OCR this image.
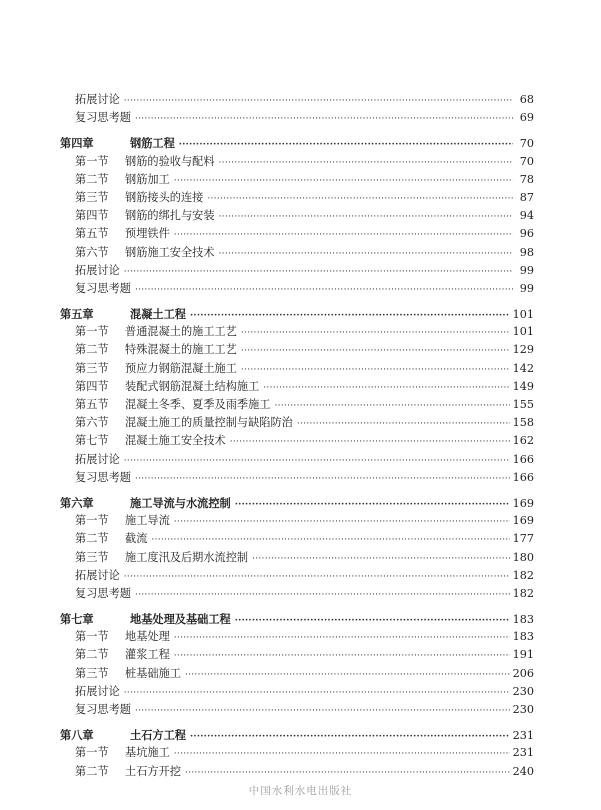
拓展讨论 ·····	68
复习思考题 ·····	69
第四章	钢筋工程 ·····	70
第一节	钢筋的验收与配料 ·····	70
第二节	钢筋加工 ·····	78
第三节	钢筋接头的连接 ·····	87
第四节	钢筋的绑扎与安装 ·····	94
第五节	预埋铁件 ·····	96
第六节	钢筋施工安全技术 ·····	98
拓展讨论 ·····	99
复习思考题 ·····	99
第五章	混凝土工程 ·····	101
第一节	普通混凝土的施工工艺 ·····	101
第二节	特殊混凝土的施工工艺 ·····	129
第三节	预应力钢筋混凝土施工 ·····	142
第四节	装配式钢筋混凝土结构施工 ·····	149
第五节	混凝土冬季、夏季及雨季施工 ·····	155
第六节	混凝土施工的质量控制与缺陷防治 ·····	158
第七节	混凝土施工安全技术 ·····	162
拓展讨论 ·····	166
复习思考题 ·····	166
第六章	施工导流与水流控制 ·····	169
第一节	施工导流 ·····	169
第二节	截流 ·····	177
第三节	施工度汛及后期水流控制 ·····	180
拓展讨论 ·····	182
复习思考题 ·····	182
第七章	地基处理及基础工程 ·····	183
第一节	地基处理 ·····	183
第二节	灌浆工程 ·····	191
第三节	桩基础施工 ·····	206
拓展讨论 ·····	230
复习思考题 ·····	230
第八章	土石方工程 ·····	231
第一节	基坑施工 ·····	231
第二节	土石方开挖 ·····	240
中国水利水电出版社
